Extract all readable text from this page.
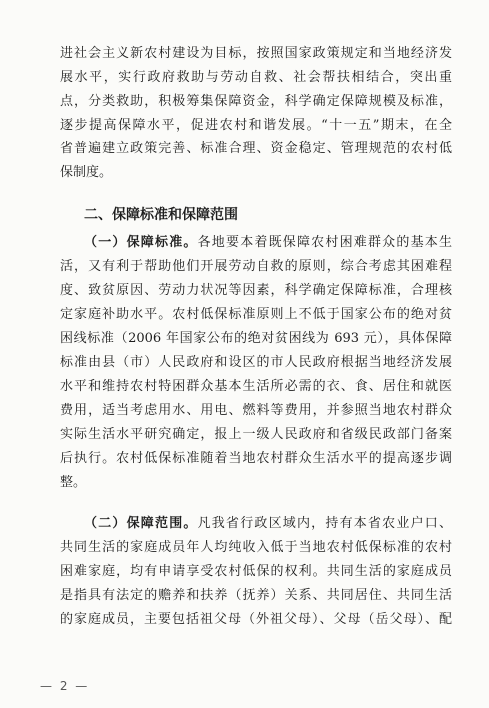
进社会主义新农村建设为目标，按照国家政策规定和当地经济发
展水平，实行政府救助与劳动自救、社会帮扶相结合，突出重
点，分类救助，积极筹集保障资金，科学确定保障规模及标准，
逐步提高保障水平，促进农村和谐发展。“十一五”期末，在全
省普遍建立政策完善、标准合理、资金稳定、管理规范的农村低
保制度。
二、保障标准和保障范围
（一）保障标准。各地要本着既保障农村困难群众的基本生
活，又有利于帮助他们开展劳动自救的原则，综合考虑其困难程
度、致贫原因、劳动力状况等因素，科学确定保障标准，合理核
定家庭补助水平。农村低保标准原则上不低于国家公布的绝对贫
困线标准（2006 年国家公布的绝对贫困线为 693 元），具体保障
标准由县（市）人民政府和设区的市人民政府根据当地经济发展
水平和维持农村特困群众基本生活所必需的衣、食、居住和就医
费用，适当考虑用水、用电、燃料等费用，并参照当地农村群众
实际生活水平研究确定，报上一级人民政府和省级民政部门备案
后执行。农村低保标准随着当地农村群众生活水平的提高逐步调
整。
（二）保障范围。凡我省行政区域内，持有本省农业户口、
共同生活的家庭成员年人均纯收入低于当地农村低保标准的农村
困难家庭，均有申请享受农村低保的权利。共同生活的家庭成员
是指具有法定的赡养和扶养（抚养）关系、共同居住、共同生活
的家庭成员，主要包括祖父母（外祖父母）、父母（岳父母）、配
— 2 —
